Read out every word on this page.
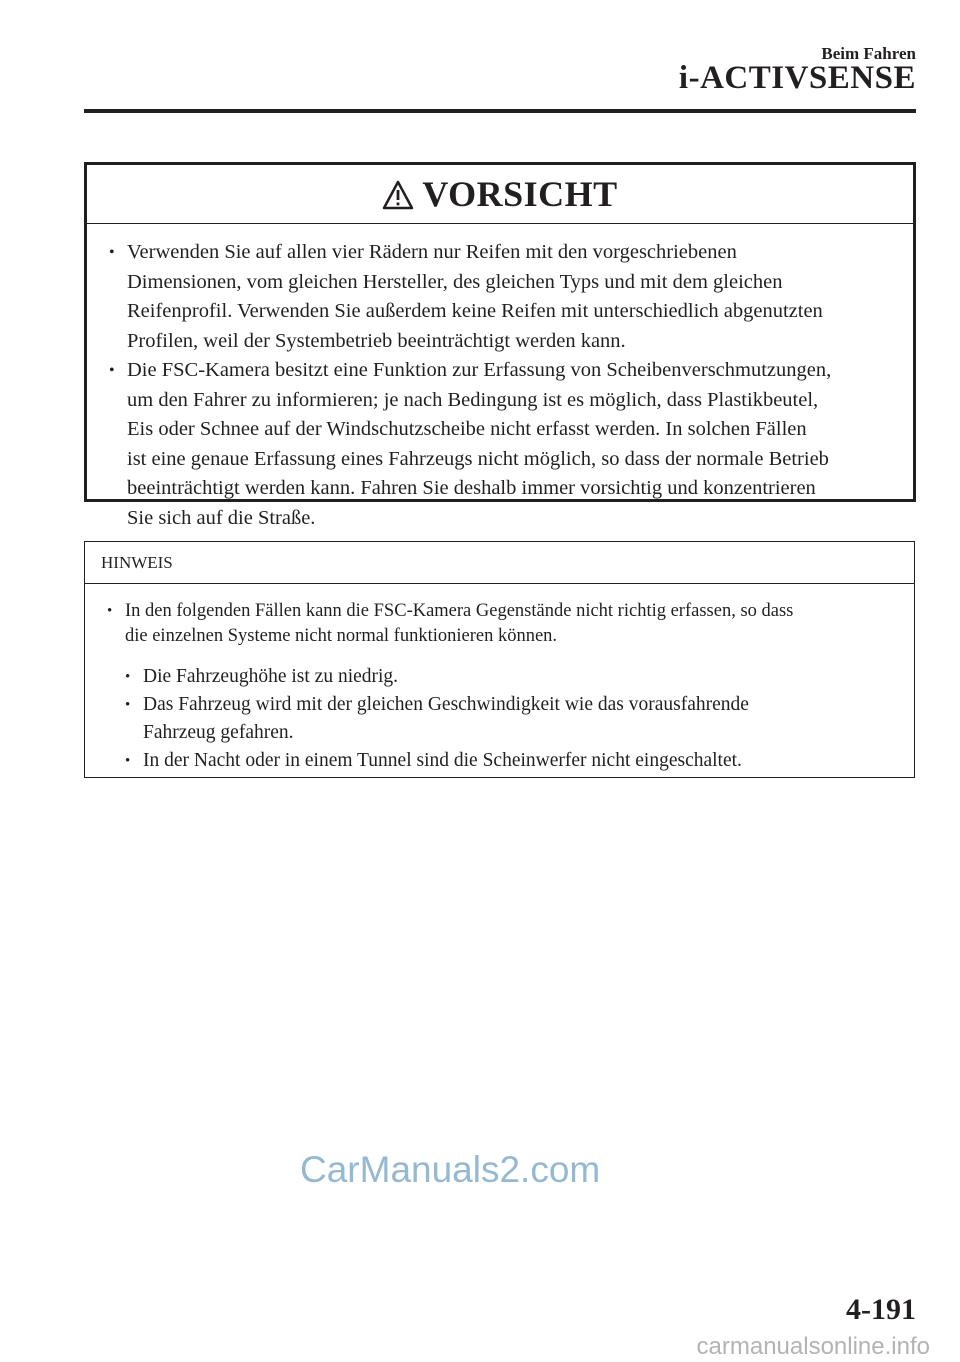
Beim Fahren
i-ACTIVSENSE
VORSICHT
• Verwenden Sie auf allen vier Rädern nur Reifen mit den vorgeschriebenen
Dimensionen, vom gleichen Hersteller, des gleichen Typs und mit dem gleichen
Reifenprofil. Verwenden Sie außerdem keine Reifen mit unterschiedlich abgenutzten
Profilen, weil der Systembetrieb beeinträchtigt werden kann.
• Die FSC-Kamera besitzt eine Funktion zur Erfassung von Scheibenverschmutzungen,
um den Fahrer zu informieren; je nach Bedingung ist es möglich, dass Plastikbeutel,
Eis oder Schnee auf der Windschutzscheibe nicht erfasst werden. In solchen Fällen
ist eine genaue Erfassung eines Fahrzeugs nicht möglich, so dass der normale Betrieb
beeinträchtigt werden kann. Fahren Sie deshalb immer vorsichtig und konzentrieren
Sie sich auf die Straße.
HINWEIS
• In den folgenden Fällen kann die FSC-Kamera Gegenstände nicht richtig erfassen, so dass
die einzelnen Systeme nicht normal funktionieren können.
• Die Fahrzeughöhe ist zu niedrig.
• Das Fahrzeug wird mit der gleichen Geschwindigkeit wie das vorausfahrende
Fahrzeug gefahren.
• In der Nacht oder in einem Tunnel sind die Scheinwerfer nicht eingeschaltet.
CarManuals2.com
4-191
carmanualsonline.info
